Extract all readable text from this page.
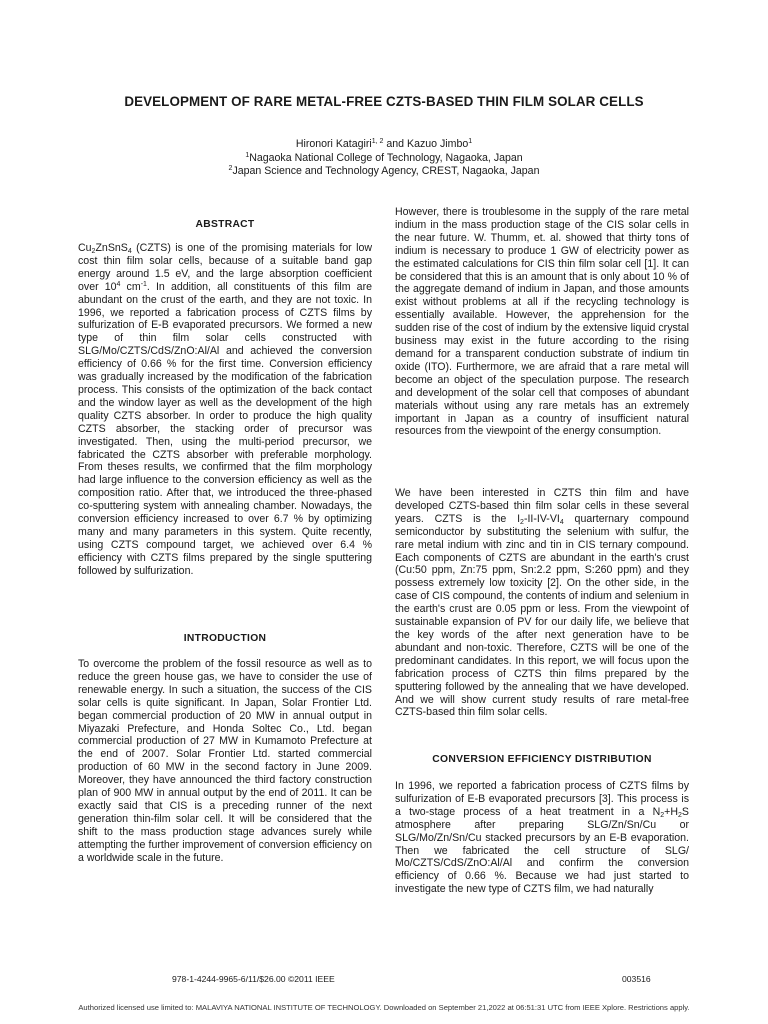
DEVELOPMENT OF RARE METAL-FREE CZTS-BASED THIN FILM SOLAR CELLS
Hironori Katagiri$^{1, 2}$ and Kazuo Jimbo$^1$
$^1$Nagaoka National College of Technology, Nagaoka, Japan
$^2$Japan Science and Technology Agency, CREST, Nagaoka, Japan
ABSTRACT

$Cu_2ZnSnS_4$ (CZTS) is one of the promising materials for low cost thin film solar cells, because of a suitable band gap energy around 1.5 eV, and the large absorption coefficient over $10^4$ $cm^{-1}$. In addition, all constituents of this film are abundant on the crust of the earth, and they are not toxic. In 1996, we reported a fabrication process of CZTS films by sulfurization of E-B evaporated precursors. We formed a new type of thin film solar cells constructed with SLG/Mo/CZTS/CdS/ZnO:Al/Al and achieved the conversion efficiency of 0.66 % for the first time. Conversion efficiency was gradually increased by the modification of the fabrication process. This consists of the optimization of the back contact and the window layer as well as the development of the high quality CZTS absorber. In order to produce the high quality CZTS absorber, the stacking order of precursor was investigated. Then, using the multi-period precursor, we fabricated the CZTS absorber with preferable morphology. From theses results, we confirmed that the film morphology had large influence to the conversion efficiency as well as the composition ratio. After that, we introduced the three-phased co-sputtering system with annealing chamber. Nowadays, the conversion efficiency increased to over 6.7 % by optimizing many and many parameters in this system. Quite recently, using CZTS compound target, we achieved over 6.4 % efficiency with CZTS films prepared by the single sputtering followed by sulfurization.

INTRODUCTION

To overcome the problem of the fossil resource as well as to reduce the green house gas, we have to consider the use of renewable energy. In such a situation, the success of the CIS solar cells is quite significant. In Japan, Solar Frontier Ltd. began commercial production of 20 MW in annual output in Miyazaki Prefecture, and Honda Soltec Co., Ltd. began commercial production of 27 MW in Kumamoto Prefecture at the end of 2007. Solar Frontier Ltd. started commercial production of 60 MW in the second factory in June 2009. Moreover, they have announced the third factory construction plan of 900 MW in annual output by the end of 2011. It can be exactly said that CIS is a preceding runner of the next generation thin-film solar cell. It will be considered that the shift to the mass production stage advances surely while attempting the further improvement of conversion efficiency on a worldwide scale in the future.

However, there is troublesome in the supply of the rare metal indium in the mass production stage of the CIS solar cells in the near future. W. Thumm, et. al. showed that thirty tons of indium is necessary to produce 1 GW of electricity power as the estimated calculations for CIS thin film solar cell [1]. It can be considered that this is an amount that is only about 10 % of the aggregate demand of indium in Japan, and those amounts exist without problems at all if the recycling technology is essentially available. However, the apprehension for the sudden rise of the cost of indium by the extensive liquid crystal business may exist in the future according to the rising demand for a transparent conduction substrate of indium tin oxide (ITO). Furthermore, we are afraid that a rare metal will become an object of the speculation purpose. The research and development of the solar cell that composes of abundant materials without using any rare metals has an extremely important in Japan as a country of insufficient natural resources from the viewpoint of the energy consumption.

We have been interested in CZTS thin film and have developed CZTS-based thin film solar cells in these several years. CZTS is the $I_2-II-IV-VI_4$ quarternary compound semiconductor by substituting the selenium with sulfur, the rare metal indium with zinc and tin in CIS ternary compound. Each components of CZTS are abundant in the earth's crust (Cu:50 ppm, Zn:75 ppm, Sn:2.2 ppm, S:260 ppm) and they possess extremely low toxicity [2]. On the other side, in the case of CIS compound, the contents of indium and selenium in the earth's crust are 0.05 ppm or less. From the viewpoint of sustainable expansion of PV for our daily life, we believe that the key words of the after next generation have to be abundant and non-toxic. Therefore, CZTS will be one of the predominant candidates. In this report, we will focus upon the fabrication process of CZTS thin films prepared by the sputtering followed by the annealing that we have developed. And we will show current study results of rare metal-free CZTS-based thin film solar cells.

CONVERSION EFFICIENCY DISTRIBUTION

In 1996, we reported a fabrication process of CZTS films by sulfurization of E-B evaporated precursors [3]. This process is a two-stage process of a heat treatment in a $N_2+H_2S$ atmosphere after preparing SLG/Zn/Sn/Cu or SLG/Mo/Zn/Sn/Cu stacked precursors by an E-B evaporation. Then we fabricated the cell structure of SLG/ Mo/CZTS/CdS/ZnO:Al/Al and confirm the conversion efficiency of 0.66 %. Because we had just started to investigate the new type of CZTS film, we had naturally

978-1-4244-9965-6/11/$26.00 ©2011 IEEE	003516
Authorized licensed use limited to: MALAVIYA NATIONAL INSTITUTE OF TECHNOLOGY. Downloaded on September 21,2022 at 06:51:31 UTC from IEEE Xplore. Restrictions apply.
